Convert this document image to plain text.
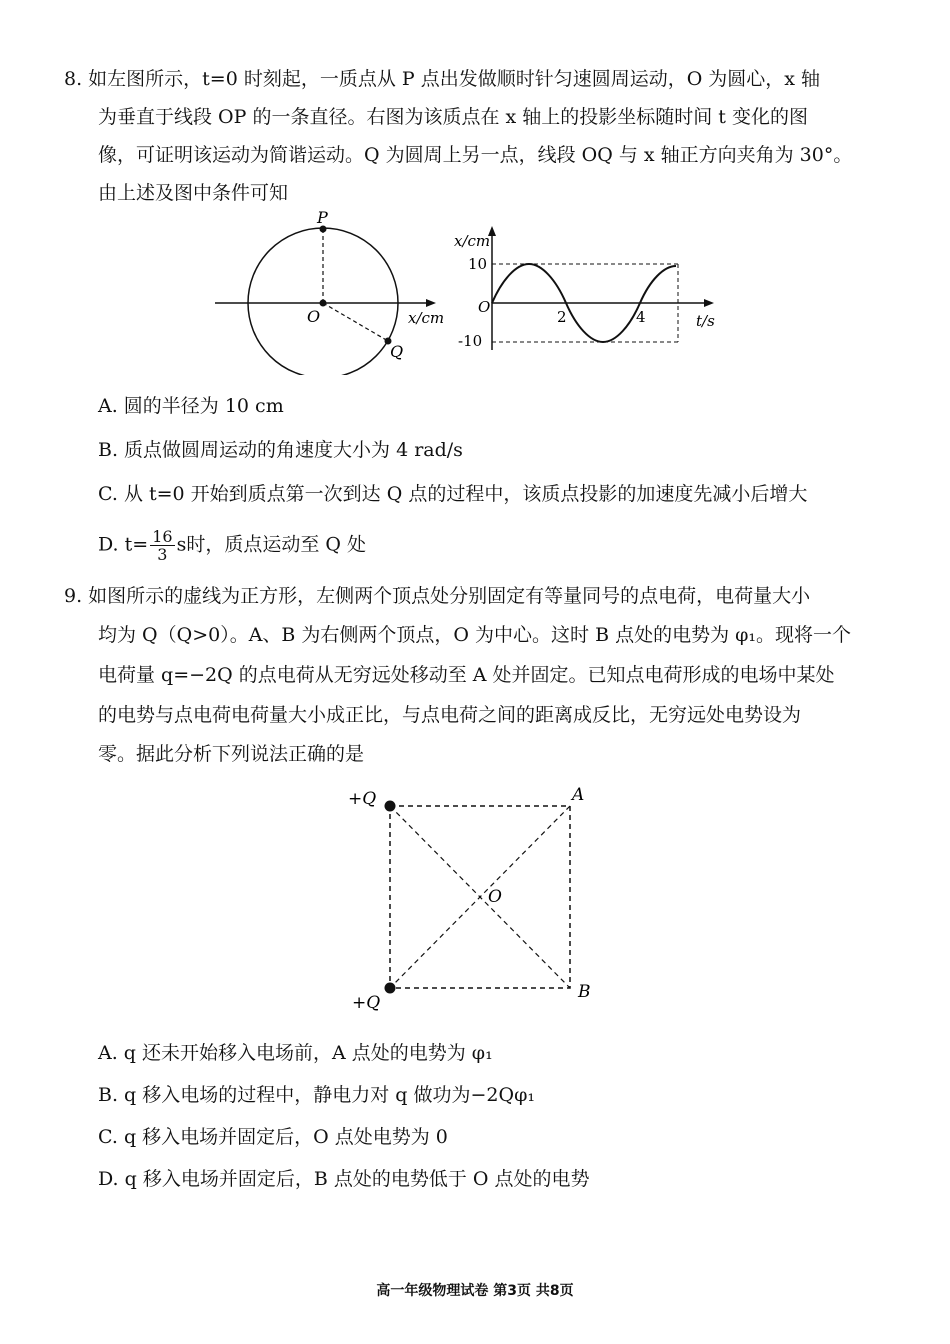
8. 如左图所示，t=0 时刻起，一质点从 P 点出发做顺时针匀速圆周运动，O 为圆心，x 轴
为垂直于线段 OP 的一条直径。右图为该质点在 x 轴上的投影坐标随时间 t 变化的图
像，可证明该运动为简谐运动。Q 为圆周上另一点，线段 OQ 与 x 轴正方向夹角为 30°。
由上述及图中条件可知
P
O
Q
x/cm
x/cm
t/s
O
10
-10
2	4
A. 圆的半径为 10 cm
B. 质点做圆周运动的角速度大小为 4 rad/s
C. 从 t=0 开始到质点第一次到达 Q 点的过程中，该质点投影的加速度先减小后增大
D. $t= \frac{16}{3}$ s时，质点运动至 Q 处
9. 如图所示的虚线为正方形，左侧两个顶点处分别固定有等量同号的点电荷，电荷量大小
均为 Q（Q>0）。A、B 为右侧两个顶点，O 为中心。这时 B 点处的电势为 φ₁。现将一个
电荷量 q=−2Q 的点电荷从无穷远处移动至 A 处并固定。已知点电荷形成的电场中某处
的电势与点电荷电荷量大小成正比，与点电荷之间的距离成反比，无穷远处电势设为
零。据此分析下列说法正确的是
+Q
+Q
A
B
O
A. q 还未开始移入电场前，A 点处的电势为 φ₁
B. q 移入电场的过程中，静电力对 q 做功为−2Qφ₁
C. q 移入电场并固定后，O 点处电势为 0
D. q 移入电场并固定后，B 点处的电势低于 O 点处的电势
高一年级物理试卷 第3页 共8页
